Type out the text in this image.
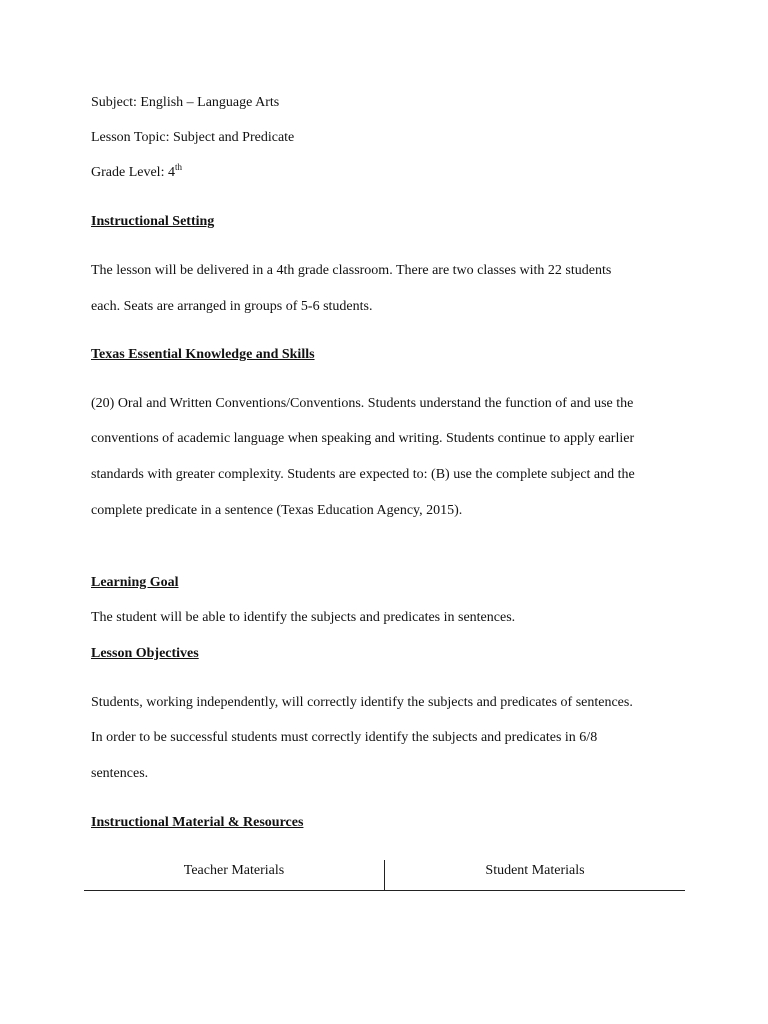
Subject: English – Language Arts
Lesson Topic: Subject and Predicate
Grade Level: 4th
Instructional Setting
The lesson will be delivered in a 4th grade classroom. There are two classes with 22 students
each. Seats are arranged in groups of 5-6 students.
Texas Essential Knowledge and Skills
(20) Oral and Written Conventions/Conventions. Students understand the function of and use the
conventions of academic language when speaking and writing. Students continue to apply earlier
standards with greater complexity. Students are expected to: (B) use the complete subject and the
complete predicate in a sentence (Texas Education Agency, 2015).
Learning Goal
The student will be able to identify the subjects and predicates in sentences.
Lesson Objectives
Students, working independently, will correctly identify the subjects and predicates of sentences.
In order to be successful students must correctly identify the subjects and predicates in 6/8
sentences.
Instructional Material & Resources
Teacher Materials	Student Materials
